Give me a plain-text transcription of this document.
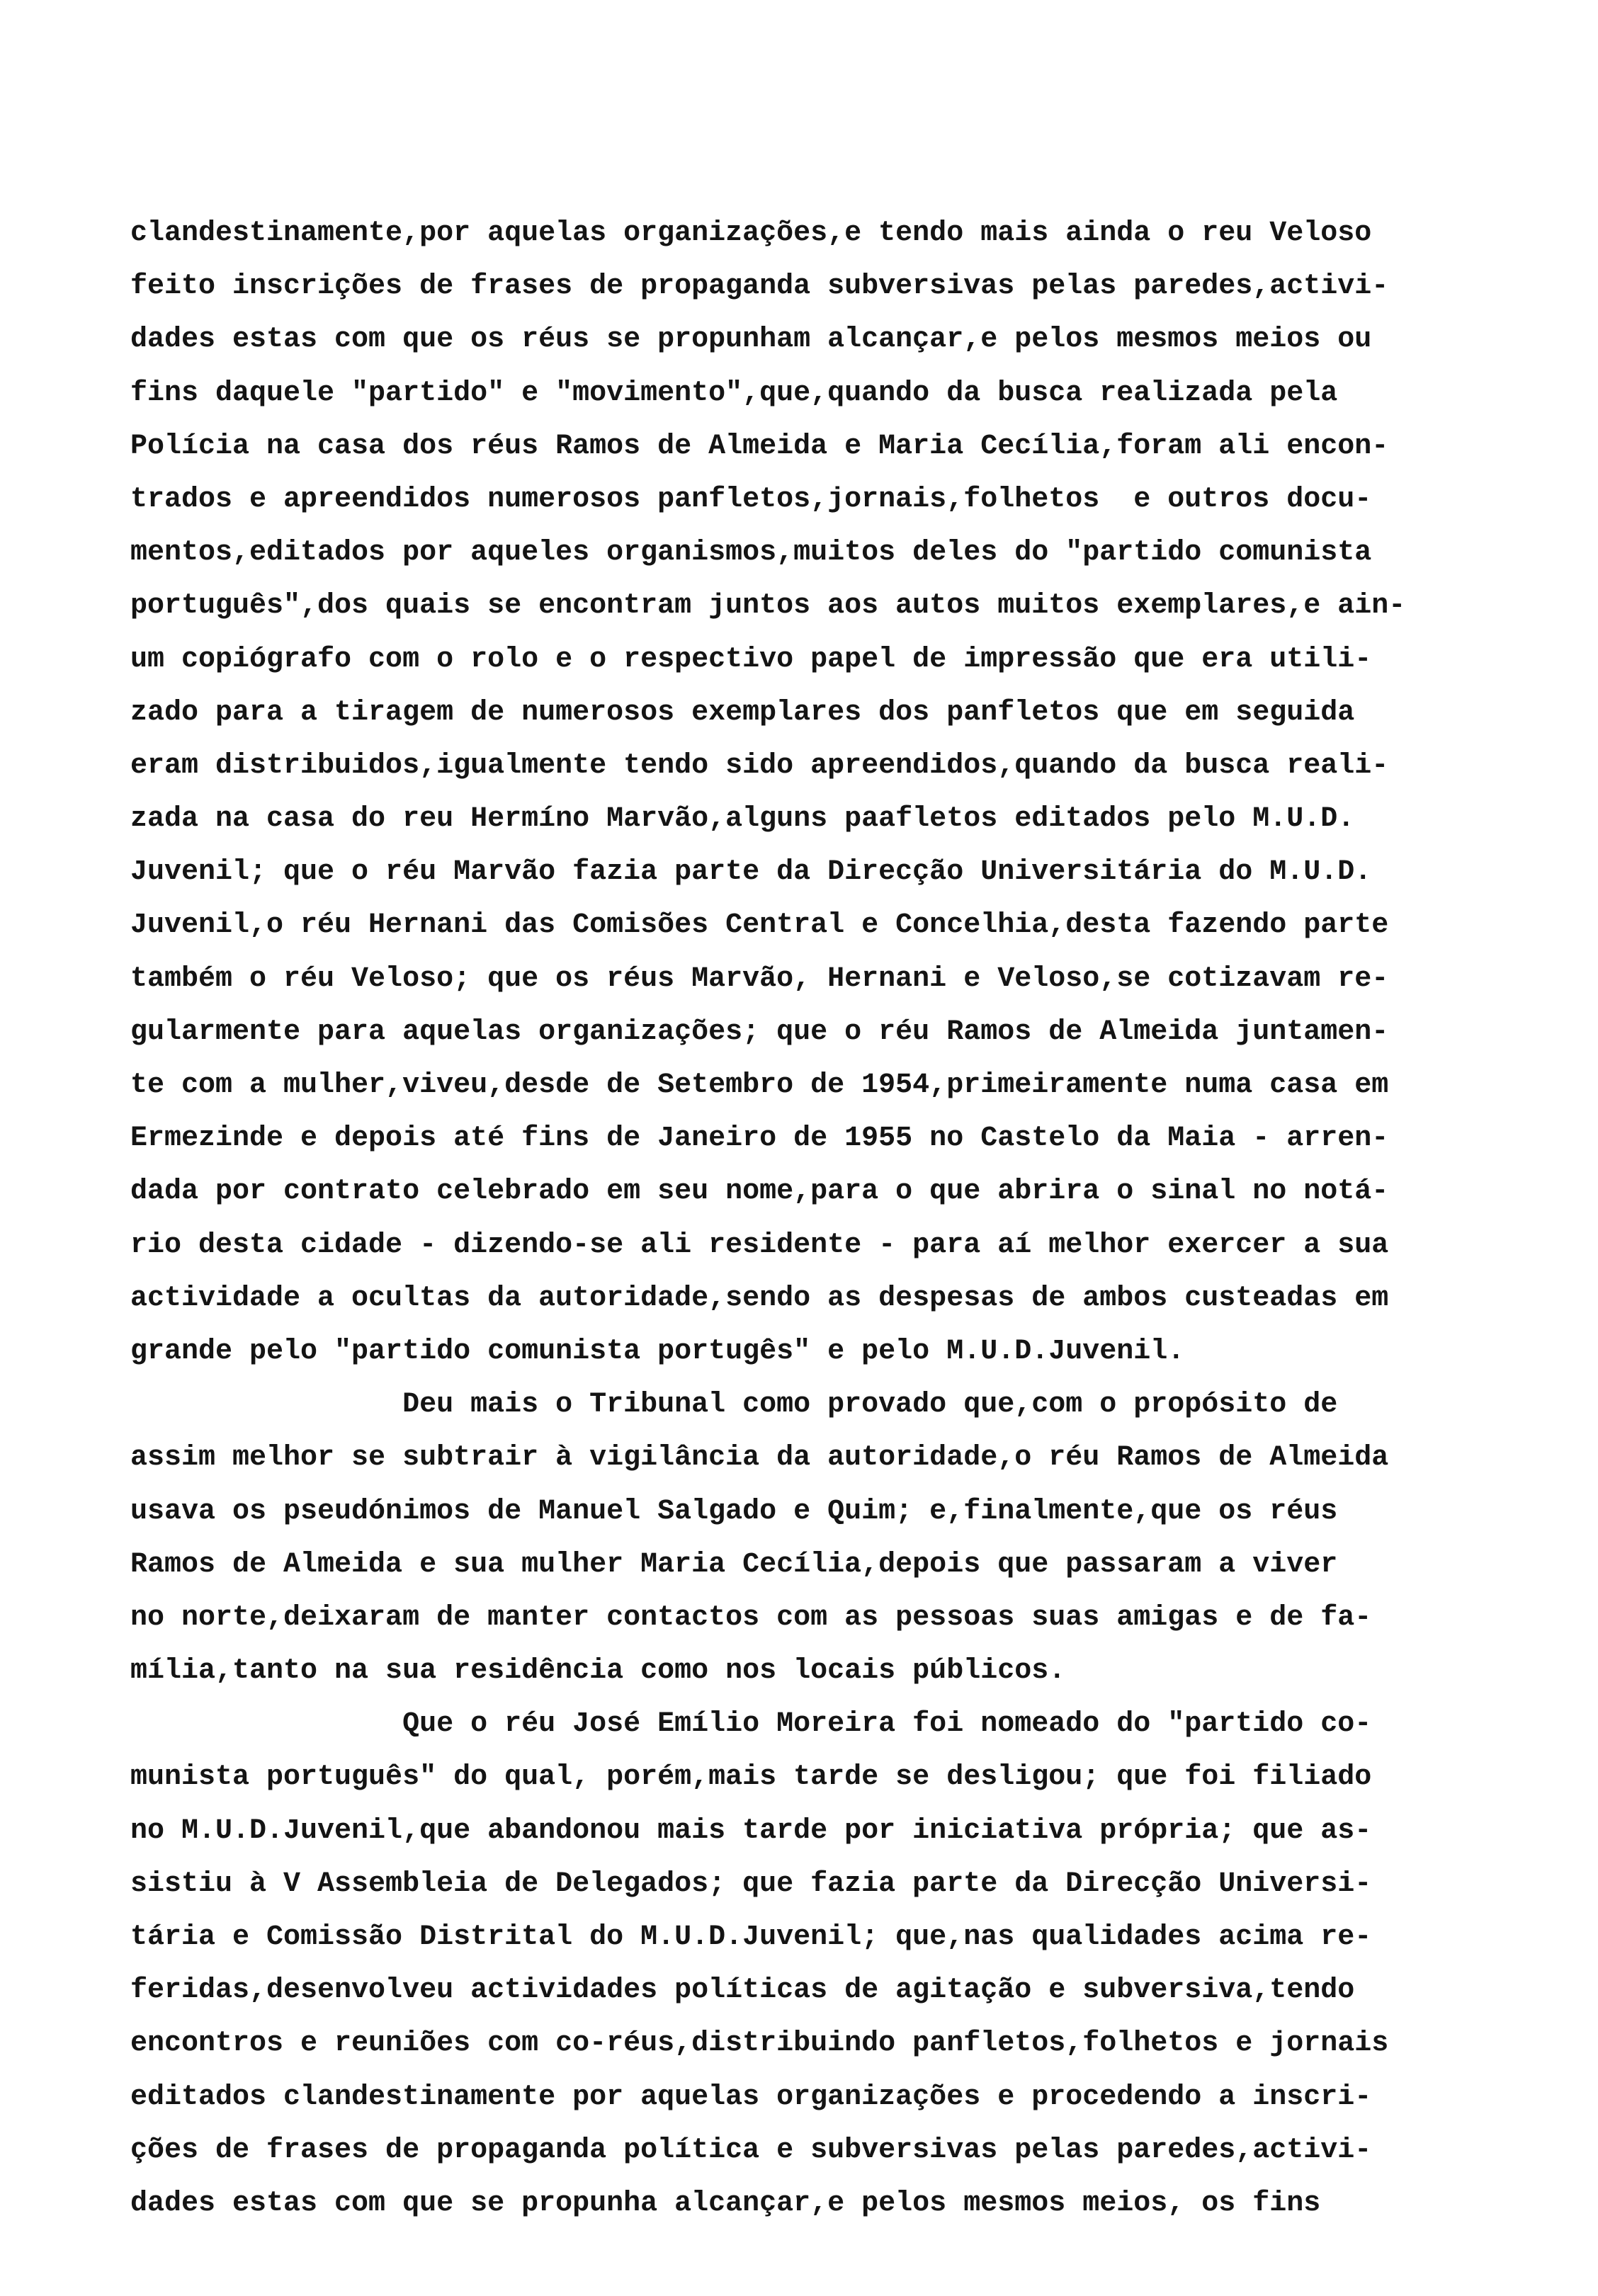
clandestinamente,por aquelas organizações,e tendo mais ainda o reu Veloso
feito inscrições de frases de propaganda subversivas pelas paredes,activi-
dades estas com que os réus se propunham alcançar,e pelos mesmos meios ou
fins daquele "partido" e "movimento",que,quando da busca realizada pela
Polícia na casa dos réus Ramos de Almeida e Maria Cecília,foram ali encon-
trados e apreendidos numerosos panfletos,jornais,folhetos  e outros docu-
mentos,editados por aqueles organismos,muitos deles do "partido comunista
português",dos quais se encontram juntos aos autos muitos exemplares,e ain-
um copiógrafo com o rolo e o respectivo papel de impressão que era utili-
zado para a tiragem de numerosos exemplares dos panfletos que em seguida
eram distribuidos,igualmente tendo sido apreendidos,quando da busca reali-
zada na casa do reu Hermíno Marvão,alguns paafletos editados pelo M.U.D.
Juvenil; que o réu Marvão fazia parte da Direcção Universitária do M.U.D.
Juvenil,o réu Hernani das Comisões Central e Concelhia,desta fazendo parte
também o réu Veloso; que os réus Marvão, Hernani e Veloso,se cotizavam re-
gularmente para aquelas organizações; que o réu Ramos de Almeida juntamen-
te com a mulher,viveu,desde de Setembro de 1954,primeiramente numa casa em
Ermezinde e depois até fins de Janeiro de 1955 no Castelo da Maia - arren-
dada por contrato celebrado em seu nome,para o que abrira o sinal no notá-
rio desta cidade - dizendo-se ali residente - para aí melhor exercer a sua
actividade a ocultas da autoridade,sendo as despesas de ambos custeadas em
grande pelo "partido comunista portugês" e pelo M.U.D.Juvenil.
Deu mais o Tribunal como provado que,com o propósito de
assim melhor se subtrair à vigilância da autoridade,o réu Ramos de Almeida
usava os pseudónimos de Manuel Salgado e Quim; e,finalmente,que os réus
Ramos de Almeida e sua mulher Maria Cecília,depois que passaram a viver
no norte,deixaram de manter contactos com as pessoas suas amigas e de fa-
mília,tanto na sua residência como nos locais públicos.
Que o réu José Emílio Moreira foi nomeado do "partido co-
munista português" do qual, porém,mais tarde se desligou; que foi filiado
no M.U.D.Juvenil,que abandonou mais tarde por iniciativa própria; que as-
sistiu à V Assembleia de Delegados; que fazia parte da Direcção Universi-
tária e Comissão Distrital do M.U.D.Juvenil; que,nas qualidades acima re-
feridas,desenvolveu actividades políticas de agitação e subversiva,tendo
encontros e reuniões com co-réus,distribuindo panfletos,folhetos e jornais
editados clandestinamente por aquelas organizações e procedendo a inscri-
ções de frases de propaganda política e subversivas pelas paredes,activi-
dades estas com que se propunha alcançar,e pelos mesmos meios, os fins
